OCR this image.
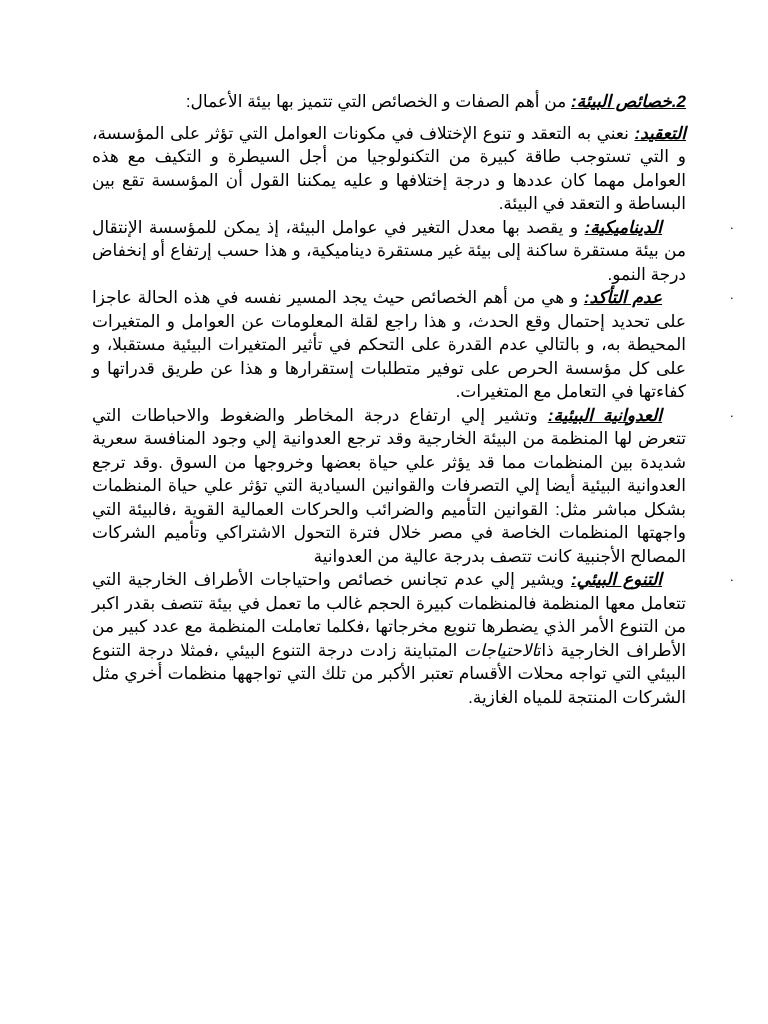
2.خصائص البيئة: من أهم الصفات و الخصائص التي تتميز بها بيئة الأعمال:

التعقيد: نعني به التعقد و تنوع الإختلاف في مكونات العوامل التي تؤثر على المؤسسة، و التي تستوجب طاقة كبيرة من التكنولوجيا من أجل السيطرة و التكيف مع هذه العوامل مهما كان عددها و درجة إختلافها و عليه يمكننا القول أن المؤسسة تقع بين البساطة و التعقد في البيئة.

·
الديناميكية: و يقصد بها معدل التغير في عوامل البيئة، إذ يمكن للمؤسسة الإنتقال من بيئة مستقرة ساكنة إلى بيئة غير مستقرة ديناميكية، و هذا حسب إرتفاع أو إنخفاض درجة النمو.

·
عدم التأكد: و هي من أهم الخصائص حيث يجد المسير نفسه في هذه الحالة عاجزا على تحديد إحتمال وقع الحدث، و هذا راجع لقلة المعلومات عن العوامل و المتغيرات المحيطة به، و بالتالي عدم القدرة على التحكم في تأثير المتغيرات البيئية مستقبلا، و على كل مؤسسة الحرص على توفير متطلبات إستقرارها و هذا عن طريق قدراتها و كفاءتها في التعامل مع المتغيرات.

·
العدوانية البيئية: وتشير إلي ارتفاع درجة المخاطر والضغوط والاحباطات التي تتعرض لها المنظمة من البيئة الخارجية وقد ترجع العدوانية إلي وجود المنافسة سعرية شديدة بين المنظمات مما قد يؤثر علي حياة بعضها وخروجها من السوق .وقد ترجع العدوانية البيئية أيضا إلي التصرفات والقوانين السيادية التي تؤثر علي حياة المنظمات بشكل مباشر مثل: القوانين التأميم والضرائب والحركات العمالية القوية ،فالبيئة التي واجهتها المنظمات الخاصة في مصر خلال فترة التحول الاشتراكي وتأميم الشركات المصالح الأجنبية كانت تتصف بدرجة عالية من العدوانية

·
التنوع البيئي: ويشير إلي عدم تجانس خصائص واحتياجات الأطراف الخارجية التي تتعامل معها المنظمة فالمنظمات كبيرة الحجم غالب ما تعمل في بيئة تتصف بقدر اكبر من التنوع الأمر الذي يضطرها تنويع مخرجاتها ،فكلما تعاملت المنظمة مع عدد كبير من الأطراف الخارجية ذاتالاحتياجات المتباينة زادت درجة التنوع البيئي ،فمثلا درجة التنوع البيئي التي تواجه محلات الأقسام تعتبر الأكبر من تلك التي تواجهها منظمات أخري مثل الشركات المنتجة للمياه الغازية.
